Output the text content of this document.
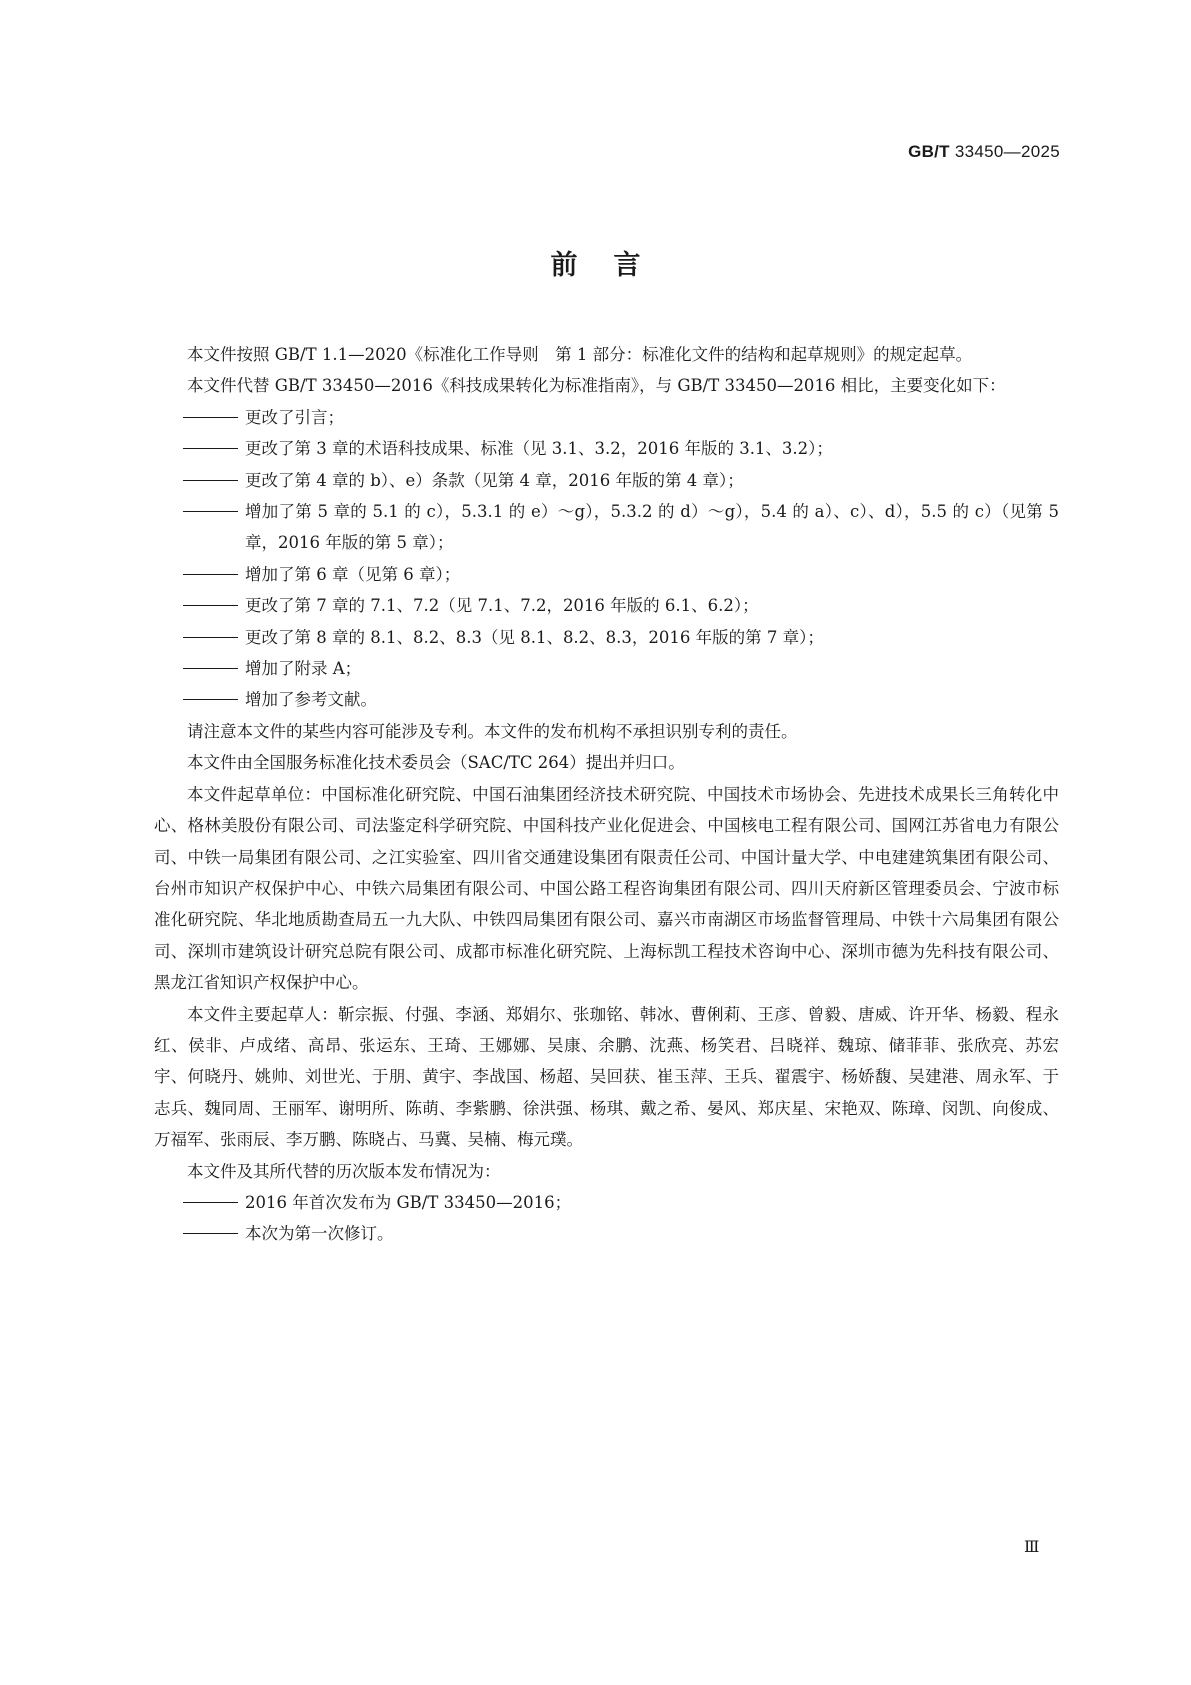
GB/T 33450—2025
前言

本文件按照 GB/T 1.1—2020《标准化工作导则　第 1 部分：标准化文件的结构和起草规则》的规定起草。

本文件代替 GB/T 33450—2016《科技成果转化为标准指南》，与 GB/T 33450—2016 相比，主要变化如下：

更改了引言；
更改了第 3 章的术语科技成果、标准（见 3.1、3.2，2016 年版的 3.1、3.2）；
更改了第 4 章的 b）、e）条款（见第 4 章，2016 年版的第 4 章）；
增加了第 5 章的 5.1 的 c），5.3.1 的 e）～g），5.3.2 的 d）～g），5.4 的 a）、c）、d），5.5 的 c）（见第 5 章，2016 年版的第 5 章）；
增加了第 6 章（见第 6 章）；
更改了第 7 章的 7.1、7.2（见 7.1、7.2，2016 年版的 6.1、6.2）；
更改了第 8 章的 8.1、8.2、8.3（见 8.1、8.2、8.3，2016 年版的第 7 章）；
增加了附录 A；
增加了参考文献。

请注意本文件的某些内容可能涉及专利。本文件的发布机构不承担识别专利的责任。

本文件由全国服务标准化技术委员会（SAC/TC 264）提出并归口。

本文件起草单位：中国标准化研究院、中国石油集团经济技术研究院、中国技术市场协会、先进技术成果长三角转化中心、格林美股份有限公司、司法鉴定科学研究院、中国科技产业化促进会、中国核电工程有限公司、国网江苏省电力有限公司、中铁一局集团有限公司、之江实验室、四川省交通建设集团有限责任公司、中国计量大学、中电建建筑集团有限公司、台州市知识产权保护中心、中铁六局集团有限公司、中国公路工程咨询集团有限公司、四川天府新区管理委员会、宁波市标准化研究院、华北地质勘查局五一九大队、中铁四局集团有限公司、嘉兴市南湖区市场监督管理局、中铁十六局集团有限公司、深圳市建筑设计研究总院有限公司、成都市标准化研究院、上海标凯工程技术咨询中心、深圳市德为先科技有限公司、黑龙江省知识产权保护中心。

本文件主要起草人：靳宗振、付强、李涵、郑娟尔、张珈铭、韩冰、曹俐莉、王彦、曾毅、唐威、许开华、杨毅、程永红、侯非、卢成绪、高昂、张运东、王琦、王娜娜、吴康、余鹏、沈燕、杨笑君、吕晓祥、魏琼、储菲菲、张欣亮、苏宏宇、何晓丹、姚帅、刘世光、于朋、黄宇、李战国、杨超、吴回获、崔玉萍、王兵、翟震宇、杨娇馥、吴建港、周永军、于志兵、魏同周、王丽军、谢明所、陈萌、李紫鹏、徐洪强、杨琪、戴之希、晏风、郑庆星、宋艳双、陈璋、闵凯、向俊成、万福军、张雨辰、李万鹏、陈晓占、马冀、吴楠、梅元璞。

本文件及其所代替的历次版本发布情况为：

2016 年首次发布为 GB/T 33450—2016；
本次为第一次修订。
Ⅲ
